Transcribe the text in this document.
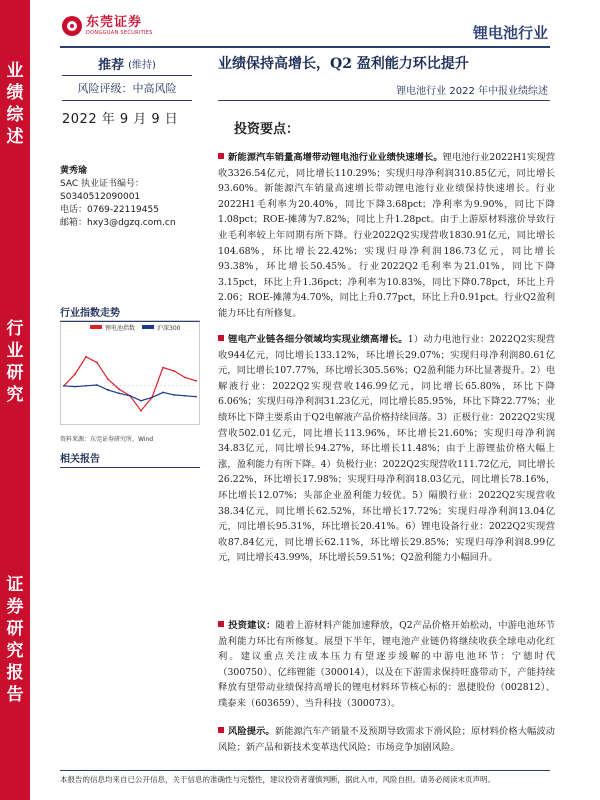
东莞证券
DONGGUAN SECURITIES	锂电池行业
业
绩
综
述
行
业
研
究
证
券
研
究
报
告
推荐 (维持)
风险评级：中高风险
2022 年 9 月 9 日
黄秀瑜
SAC 执业证书编号：
S0340512090001
电话：0769-22119455
邮箱：hxy3@dgzq.com.cn
行业指数走势
锂电池指数	沪深300
资料来源：东莞证券研究所，Wind
相关报告
业绩保持高增长，Q2 盈利能力环比提升
锂电池行业 2022 年中报业绩综述
投资要点：
新能源汽车销量高增带动锂电池行业业绩快速增长。锂电池行业2022H1实现营收3326.54亿元，同比增长110.29%；实现归母净利润310.85亿元，同比增长93.60%。新能源汽车销量高速增长带动锂电池行业业绩保持快速增长。行业2022H1毛利率为20.40%，同比下降3.68pct；净利率为9.90%，同比下降1.08pct；ROE-摊薄为7.82%，同比上升1.28pct。由于上游原材料涨价导致行业毛利率较上年同期有所下降。行业2022Q2实现营收1830.91亿元，同比增长104.68%，环比增长22.42%；实现归母净利润186.73亿元，同比增长93.38%，环比增长50.45%。行业2022Q2毛利率为21.01%，同比下降3.15pct，环比上升1.36pct；净利率为10.83%，同比下降0.78pct，环比上升2.06；ROE-摊薄为4.70%，同比上升0.77pct，环比上升0.91pct。行业Q2盈利能力环比有所修复。
锂电产业链各细分领域均实现业绩高增长。1）动力电池行业：2022Q2实现营收944亿元，同比增长133.12%，环比增长29.07%；实现归母净利润80.61亿元，同比增长107.77%，环比增长305.56%；Q2盈利能力环比显著提升。2）电解液行业：2022Q2实现营收146.99亿元，同比增长65.80%，环比下降6.06%；实现归母净利润31.23亿元，同比增长85.95%，环比下降22.77%；业绩环比下降主要系由于Q2电解液产品价格持续回落。3）正极行业：2022Q2实现营收502.01亿元，同比增长113.96%，环比增长21.60%；实现归母净利润34.83亿元，同比增长94.27%，环比增长11.48%；由于上游锂盐价格大幅上涨，盈利能力有所下降。4）负极行业：2022Q2实现营收111.72亿元，同比增长26.22%，环比增长17.98%；实现归母净利润18.03亿元，同比增长78.16%，环比增长12.07%；头部企业盈利能力较优。5）隔膜行业：2022Q2实现营收38.34亿元，同比增长62.52%，环比增长17.72%；实现归母净利润13.04亿元，同比增长95.31%，环比增长20.41%。6）锂电设备行业：2022Q2实现营收87.84亿元，同比增长62.11%，环比增长29.85%；实现归母净利润8.99亿元，同比增长43.99%，环比增长59.51%；Q2盈利能力小幅回升。
投资建议：随着上游材料产能加速释放，Q2产品价格开始松动，中游电池环节盈利能力环比有所修复。展望下半年，锂电池产业链仍将继续收获全球电动化红利。建议重点关注成本压力有望逐步缓解的中游电池环节：宁德时代（300750）、亿纬锂能（300014），以及在下游需求保持旺盛带动下，产能持续释放有望带动业绩保持高增长的锂电材料环节核心标的：恩捷股份（002812）、璞泰来（603659）、当升科技（300073）。
风险提示。新能源汽车产销量不及预期导致需求下滑风险；原材料价格大幅波动风险；新产品和新技术变革迭代风险；市场竞争加剧风险。
本报告的信息均来自已公开信息，关于信息的准确性与完整性，建议投资者谨慎判断，据此入市，风险自担。请务必阅读末页声明。
